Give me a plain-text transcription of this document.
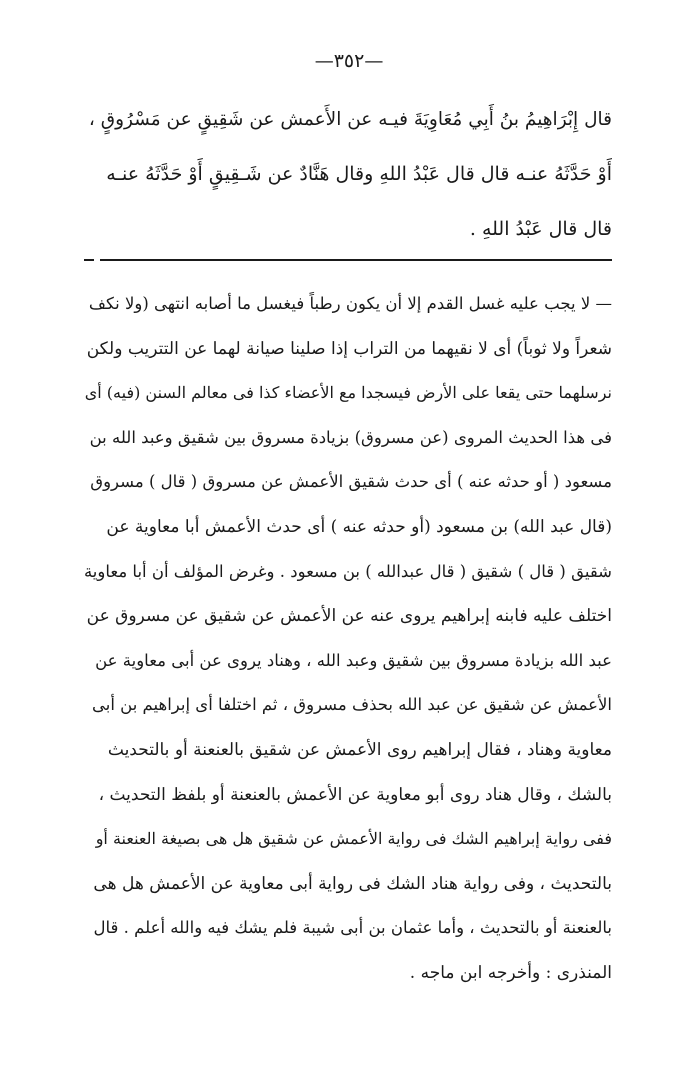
—٣٥٢—
قال إِبْرَاهِيمُ بنُ أَبِي مُعَاوِيَةَ فيـه عن الأَعمش عن شَقِيقٍ عن مَسْرُوقٍ ،
أَوْ حَدَّثَهُ عنـه قال قال عَبْدُ اللهِ وقال هَنَّادٌ عن شَـقِيقٍ أَوْ حَدَّثَهُ عنـه
قال قال عَبْدُ اللهِ .
— لا يجب عليه غسل القدم إلا أن يكون رطباً فيغسل ما أصابه انتهى (ولا نكف
شعراً ولا ثوباً) أى لا نقيهما من التراب إذا صلينا صيانة لهما عن التتريب ولكن
نرسلهما حتى يقعا على الأرض فيسجدا مع الأعضاء كذا فى معالم السنن (فيه) أى
فى هذا الحديث المروى (عن مسروق) بزيادة مسروق بين شقيق وعبد الله بن
مسعود ( أو حدثه عنه ) أى حدث شقيق الأعمش عن مسروق ( قال ) مسروق
(قال عبد الله) بن مسعود (أو حدثه عنه ) أى حدث الأعمش أبا معاوية عن
شقيق ( قال ) شقيق ( قال عبدالله ) بن مسعود . وغرض المؤلف أن أبا معاوية
اختلف عليه فابنه إبراهيم يروى عنه عن الأعمش عن شقيق عن مسروق عن
عبد الله بزيادة مسروق بين شقيق وعبد الله ، وهناد يروى عن أبى معاوية عن
الأعمش عن شقيق عن عبد الله بحذف مسروق ، ثم اختلفا أى إبراهيم بن أبى
معاوية وهناد ، فقال إبراهيم روى الأعمش عن شقيق بالعنعنة أو بالتحديث
بالشك ، وقال هناد روى أبو معاوية عن الأعمش بالعنعنة أو بلفظ التحديث ،
ففى رواية إبراهيم الشك فى رواية الأعمش عن شقيق هل هى بصيغة العنعنة أو
بالتحديث ، وفى رواية هناد الشك فى رواية أبى معاوية عن الأعمش هل هى
بالعنعنة أو بالتحديث ، وأما عثمان بن أبى شيبة فلم يشك فيه والله أعلم . قال
المنذرى : وأخرجه ابن ماجه .
